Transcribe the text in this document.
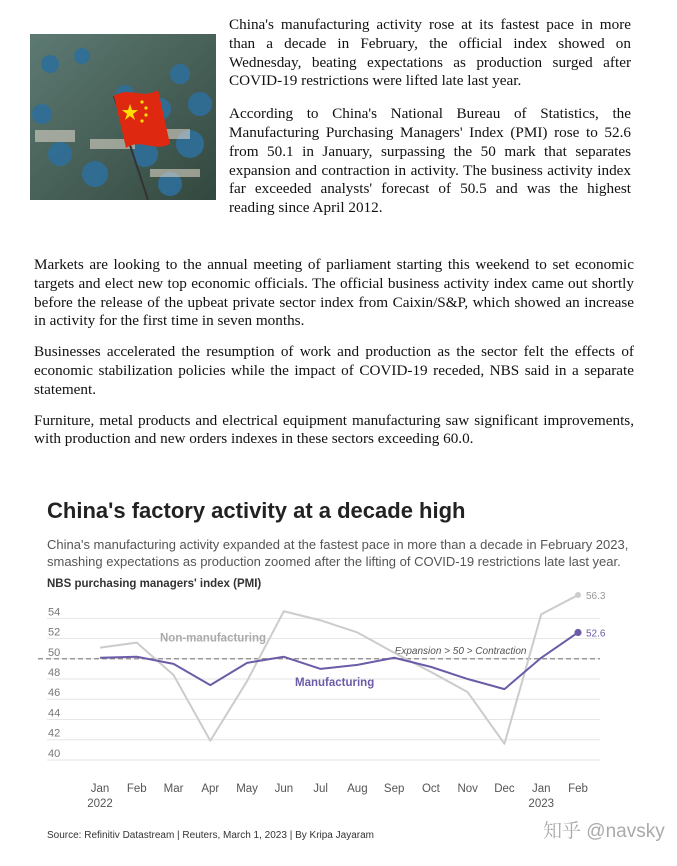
China's manufacturing activity rose at its fastest pace in more than a decade in February, the official index showed on Wednesday, beating expectations as production surged after COVID-19 restrictions were lifted late last year.

According to China's National Bureau of Statistics, the Manufacturing Purchasing Managers' Index (PMI) rose to 52.6 from 50.1 in January, surpassing the 50 mark that separates expansion and contraction in activity. The business activity index far exceeded analysts' forecast of 50.5 and was the highest reading since April 2012.

Markets are looking to the annual meeting of parliament starting this weekend to set economic targets and elect new top economic officials. The official business activity index came out shortly before the release of the upbeat private sector index from Caixin/S&P, which showed an increase in activity for the first time in seven months.

Businesses accelerated the resumption of work and production as the sector felt the effects of economic stabilization policies while the impact of COVID-19 receded, NBS said in a separate statement.

Furniture, metal products and electrical equipment manufacturing saw significant improvements, with production and new orders indexes in these sectors exceeding 60.0.

China's factory activity at a decade high
China's manufacturing activity expanded at the fastest pace in more than a decade in February 2023, smashing expectations as production zoomed after the lifting of COVID-19 restrictions late last year.
NBS purchasing managers' index (PMI)
40
42
44
46
48
50
52
54
Jan
2022
Feb Mar Apr May Jun Jul Aug Sep Oct Nov Dec Jan
2023
Feb
Expansion > 50 > Contraction
56.3
52.6
Non-manufacturing
Manufacturing
Source: Refinitiv Datastream | Reuters, March 1, 2023 | By Kripa Jayaram	知乎 @navsky
